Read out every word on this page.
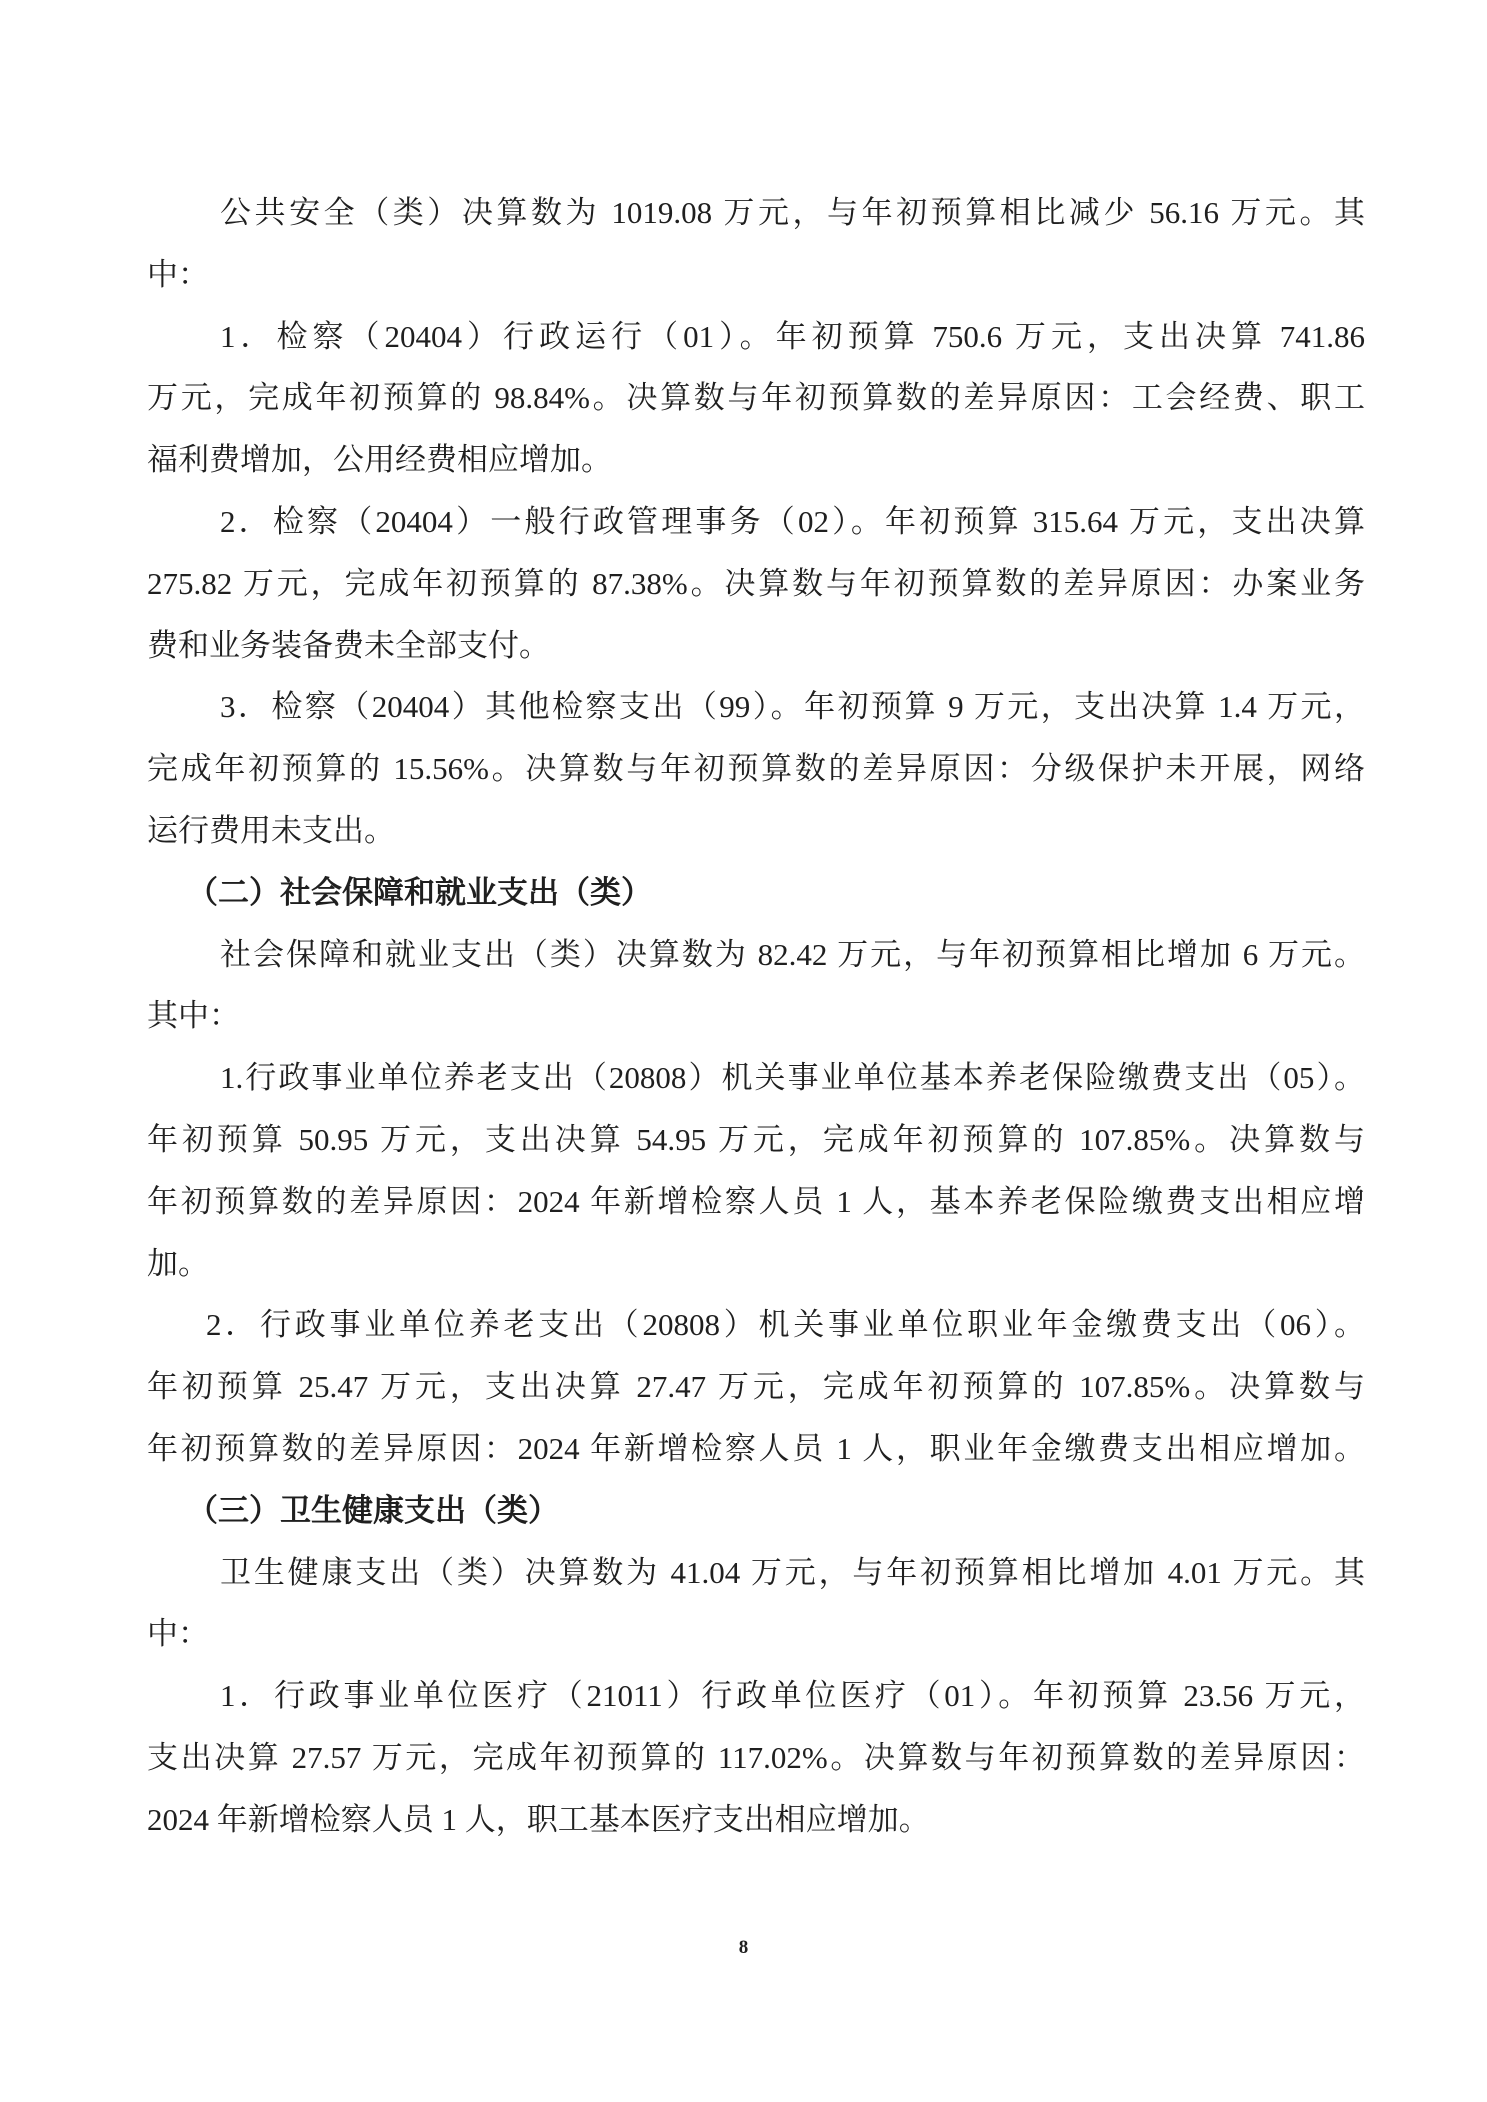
公共安全（类）决算数为 1019.08 万元，与年初预算相比减少 56.16 万元。其
中：
1．检察（20404）行政运行（01）。年初预算 750.6 万元，支出决算 741.86
万元，完成年初预算的 98.84%。决算数与年初预算数的差异原因：工会经费、职工
福利费增加，公用经费相应增加。
2．检察（20404）一般行政管理事务（02）。年初预算 315.64 万元，支出决算
275.82 万元，完成年初预算的 87.38%。决算数与年初预算数的差异原因：办案业务
费和业务装备费未全部支付。
3．检察（20404）其他检察支出（99）。年初预算 9 万元，支出决算 1.4 万元，
完成年初预算的 15.56%。决算数与年初预算数的差异原因：分级保护未开展，网络
运行费用未支出。
（二）社会保障和就业支出（类）
社会保障和就业支出（类）决算数为 82.42 万元，与年初预算相比增加 6 万元。
其中：
1.行政事业单位养老支出（20808）机关事业单位基本养老保险缴费支出（05）。
年初预算 50.95 万元，支出决算 54.95 万元，完成年初预算的 107.85%。决算数与
年初预算数的差异原因：2024 年新增检察人员 1 人，基本养老保险缴费支出相应增
加。
2．行政事业单位养老支出（20808）机关事业单位职业年金缴费支出（06）。
年初预算 25.47 万元，支出决算 27.47 万元，完成年初预算的 107.85%。决算数与
年初预算数的差异原因：2024 年新增检察人员 1 人，职业年金缴费支出相应增加。
（三）卫生健康支出（类）
卫生健康支出（类）决算数为 41.04 万元，与年初预算相比增加 4.01 万元。其
中：
1．行政事业单位医疗（21011）行政单位医疗（01）。年初预算 23.56 万元，
支出决算 27.57 万元，完成年初预算的 117.02%。决算数与年初预算数的差异原因：
2024 年新增检察人员 1 人，职工基本医疗支出相应增加。
8
